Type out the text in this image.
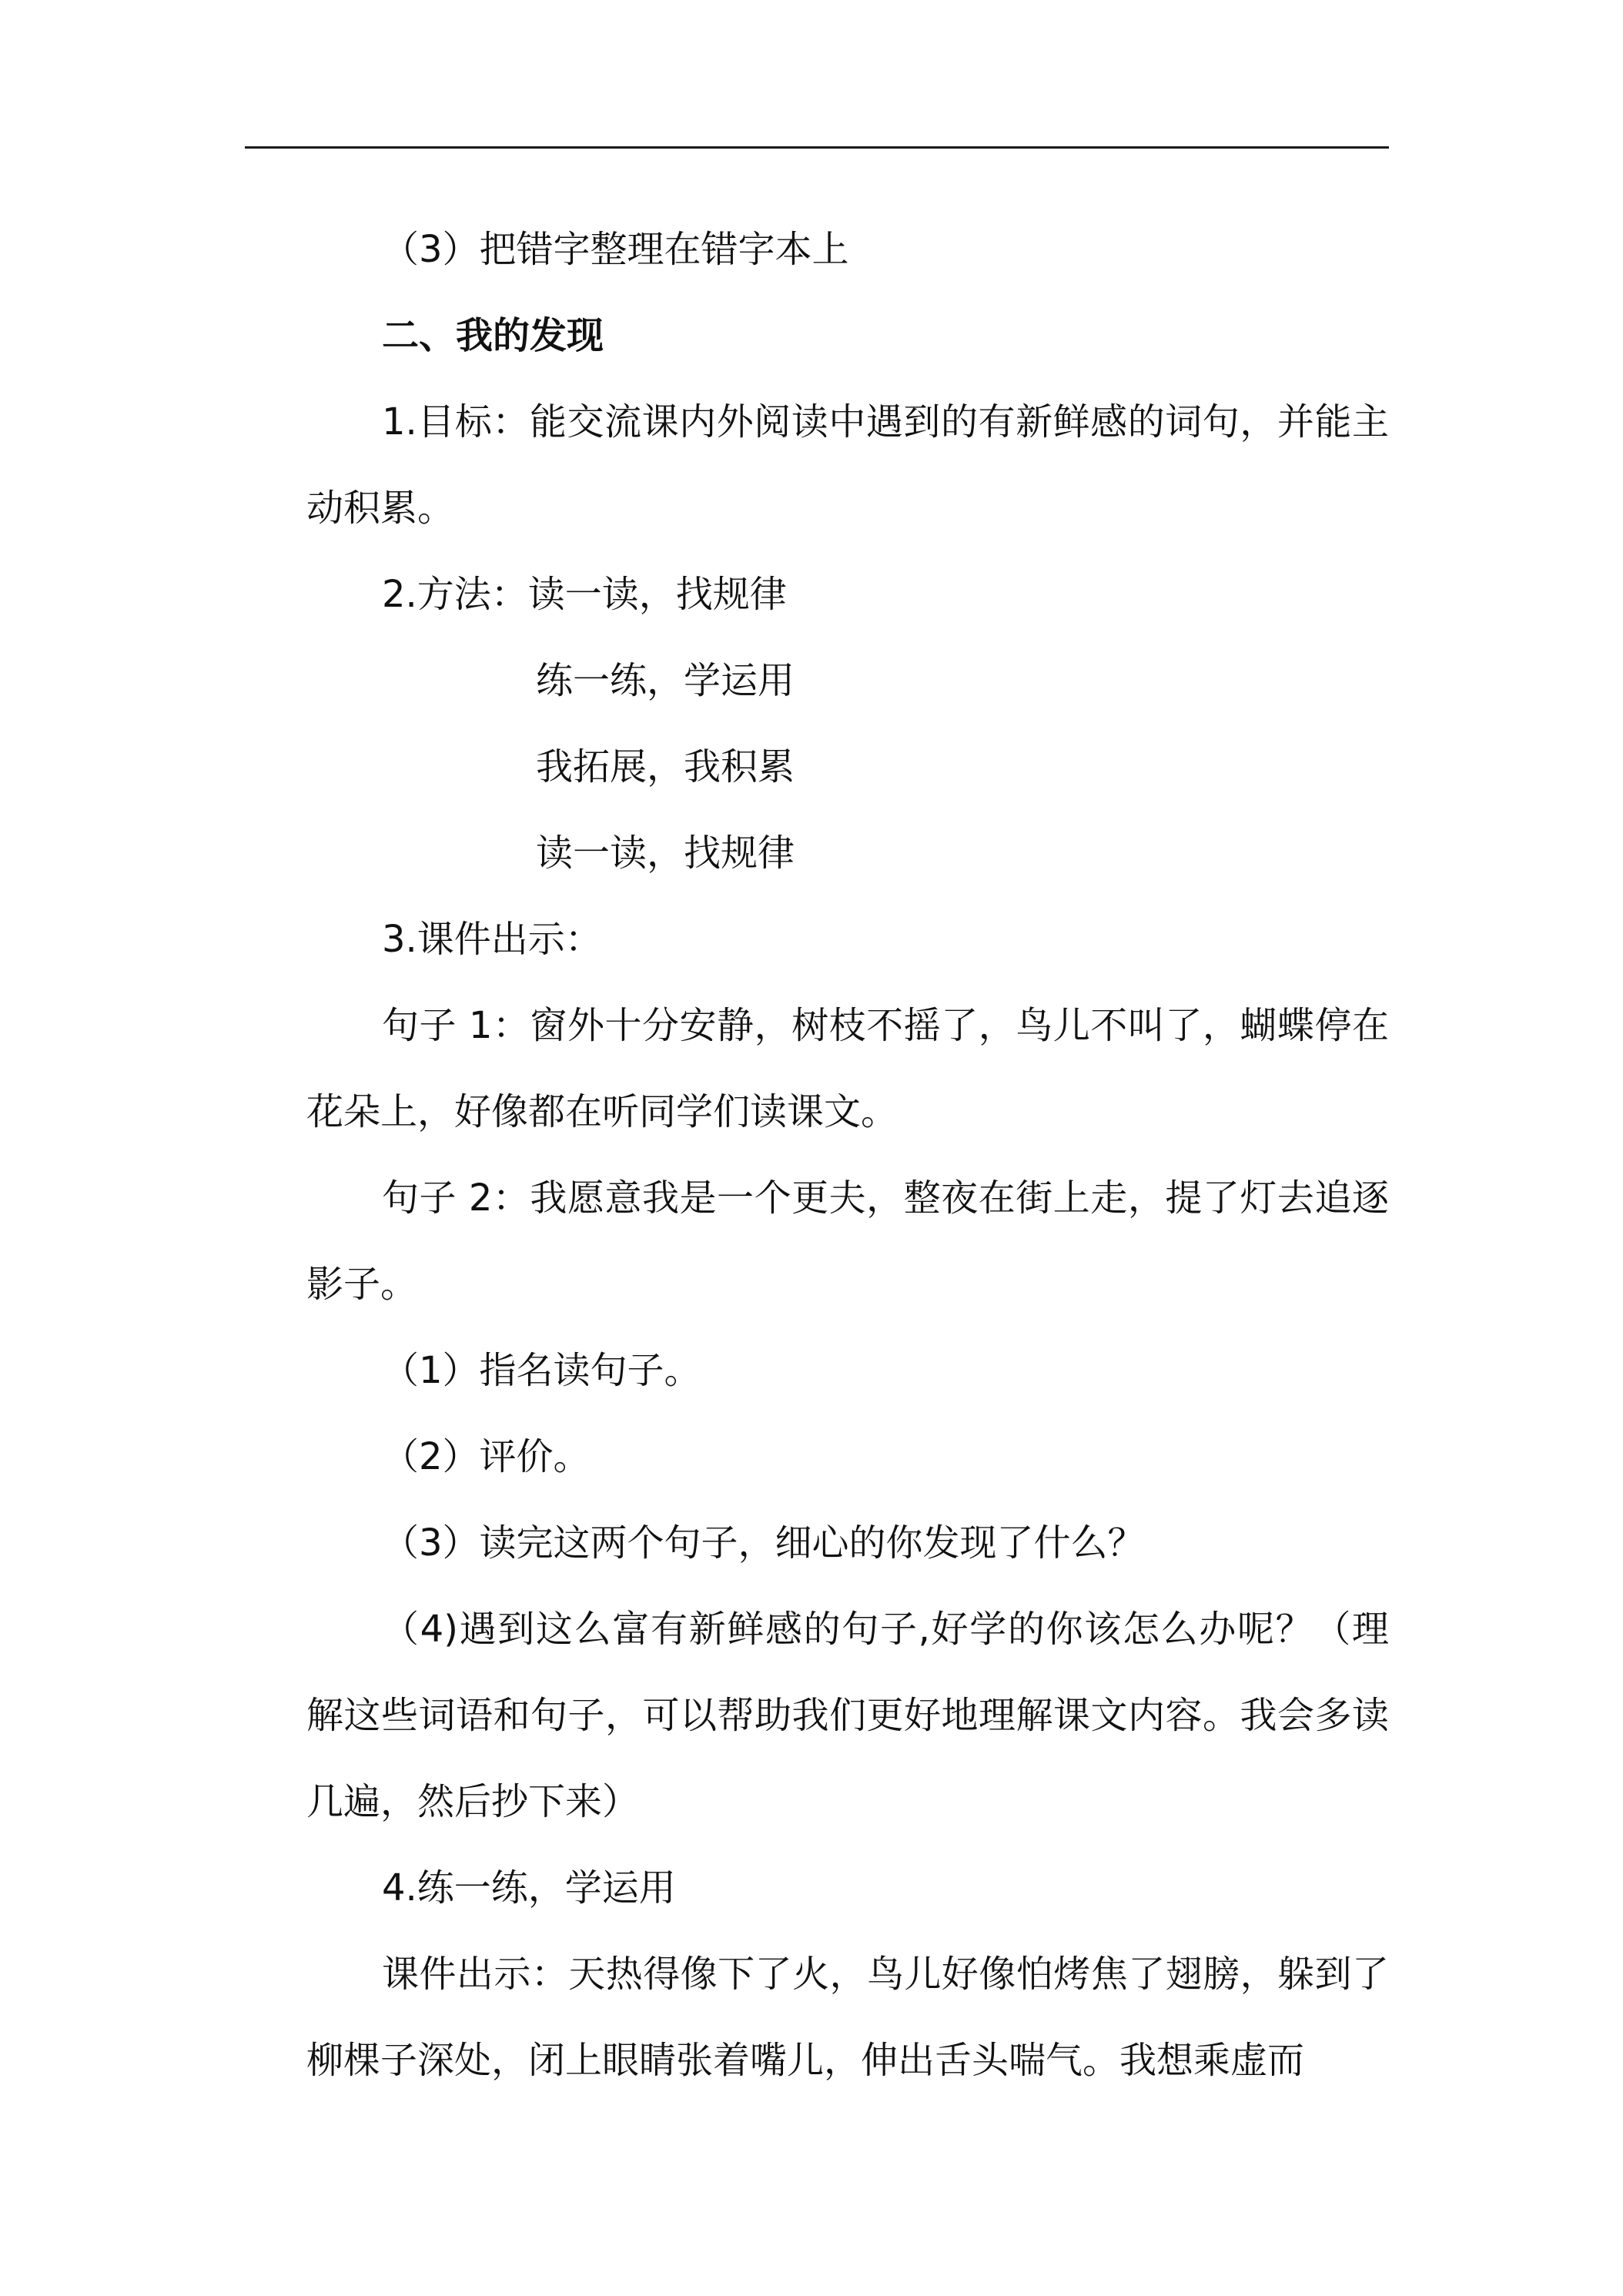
（3）把错字整理在错字本上

二、我的发现

1.目标：能交流课内外阅读中遇到的有新鲜感的词句，并能主动积累。

2.方法：读一读，找规律

练一练，学运用

我拓展，我积累

读一读，找规律

3.课件出示：

句子 1：窗外十分安静，树枝不摇了，鸟儿不叫了，蝴蝶停在花朵上，好像都在听同学们读课文。

句子 2：我愿意我是一个更夫，整夜在街上走，提了灯去追逐影子。

（1）指名读句子。

（2）评价。

（3）读完这两个句子，细心的你发现了什么？

（4)遇到这么富有新鲜感的句子,好学的你该怎么办呢？（理解这些词语和句子，可以帮助我们更好地理解课文内容。我会多读几遍，然后抄下来）

4.练一练，学运用

课件出示：天热得像下了火，鸟儿好像怕烤焦了翅膀，躲到了柳棵子深处，闭上眼睛张着嘴儿，伸出舌头喘气。我想乘虚而
